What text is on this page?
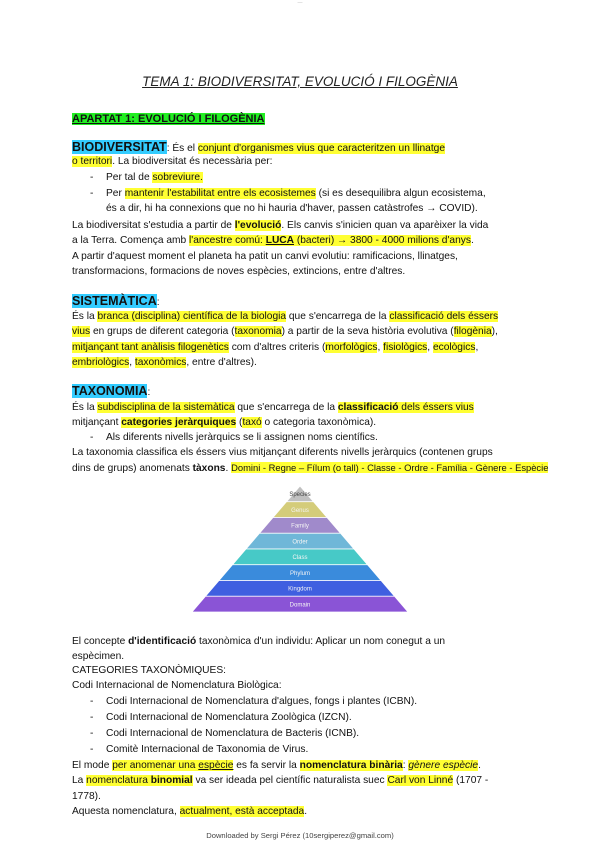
—
TEMA 1: BIODIVERSITAT, EVOLUCIÓ I FILOGÈNIA
APARTAT 1: EVOLUCIÓ I FILOGÈNIA
BIODIVERSITAT: És el conjunt d'organismes vius que caracteritzen un llinatge
o territori. La biodiversitat és necessària per:
- Per tal de sobreviure.
- Per mantenir l'estabilitat entre els ecosistemes (si es desequilibra algun ecosistema,
és a dir, hi ha connexions que no hi hauria d'haver, passen catàstrofes → COVID).
La biodiversitat s'estudia a partir de l'evolució. Els canvis s'inicien quan va aparèixer la vida
a la Terra. Comença amb l'ancestre comú: LUCA (bacteri) → 3800 - 4000 milions d'anys.
A partir d'aquest moment el planeta ha patit un canvi evolutiu: ramificacions, llinatges,
transformacions, formacions de noves espècies, extincions, entre d'altres.
SISTEMÀTICA:
És la branca (disciplina) científica de la biologia que s'encarrega de la classificació dels éssers
vius en grups de diferent categoria (taxonomia) a partir de la seva història evolutiva (filogènia),
mitjançant tant anàlisis filogenètics com d'altres criteris (morfològics, fisiològics, ecològics,
embriològics, taxonòmics, entre d'altres).
TAXONOMIA:
És la subdisciplina de la sistemàtica que s'encarrega de la classificació dels éssers vius
mitjançant categories jeràrquiques (taxó o categoria taxonòmica).
- Als diferents nivells jeràrquics se li assignen noms científics.
La taxonomia classifica els éssers vius mitjançant diferents nivells jeràrquics (contenen grups
dins de grups) anomenats tàxons. Domini - Regne – Fílum (o tall) - Classe - Ordre - Família - Gènere - Espècie
Species
Genus
Family
Order
Class
Phylum
Kingdom
Domain
El concepte d'identificació taxonòmica d'un individu: Aplicar un nom conegut a un
espècimen.
CATEGORIES TAXONÒMIQUES:
Codi Internacional de Nomenclatura Biològica:
- Codi Internacional de Nomenclatura d'algues, fongs i plantes (ICBN).
- Codi Internacional de Nomenclatura Zoològica (IZCN).
- Codi Internacional de Nomenclatura de Bacteris (ICNB).
- Comitè Internacional de Taxonomia de Virus.
El mode per anomenar una espècie es fa servir la nomenclatura binària: gènere espècie.
La nomenclatura binomial va ser ideada pel científic naturalista suec Carl von Linné (1707 -
1778).
Aquesta nomenclatura, actualment, està acceptada.
Downloaded by Sergi Pérez (10sergiperez@gmail.com)
